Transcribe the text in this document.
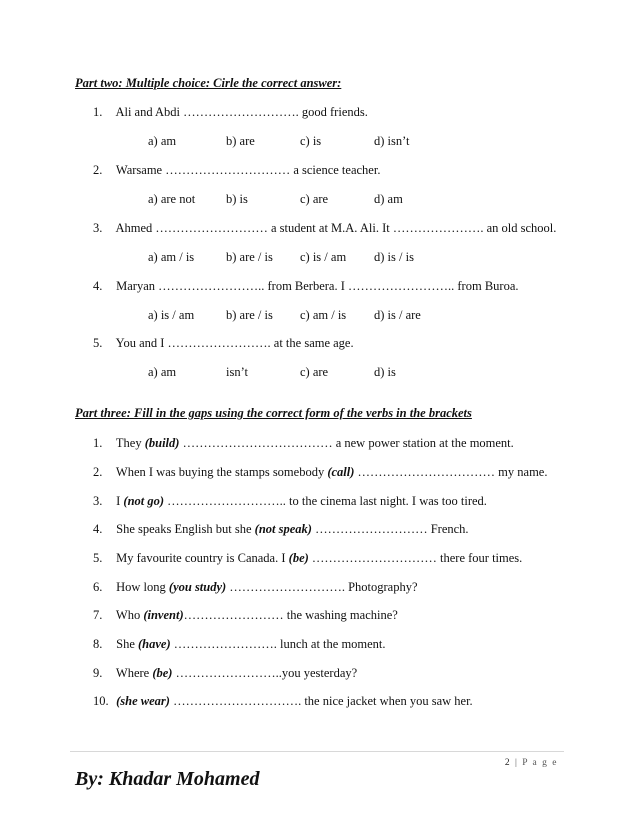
Part two: Multiple choice: Cirle the correct answer:
1. Ali and Abdi ………………………. good friends.
a) am	b) are	c) is	d) isn’t
2. Warsame ………………………… a science teacher.
a) are not b) is	c) are	d) am
3. Ahmed ……………………… a student at M.A. Ali. It …………………. an old school.
a) am / is	b) are / is c) is / am d) is / is
4. Maryan …………………….. from Berbera. I …………………….. from Buroa.
a) is / am	b) are / is c) am / is d) is / are
5. You and I ……………………. at the same age.
a) am	isn’t	c) are	d) is
Part three: Fill in the gaps using the correct form of the verbs in the brackets
1. They (build) ……………………………… a new power station at the moment.
2. When I was buying the stamps somebody (call) …………………………… my name.
3. I (not go) ……………………….. to the cinema last night. I was too tired.
4. She speaks English but she (not speak) ……………………… French.
5. My favourite country is Canada. I (be) ………………………… there four times.
6. How long (you study) ………………………. Photography?
7. Who (invent)…………………… the washing machine?
8. She (have) ……………………. lunch at the moment.
9. Where (be) ……………………..you yesterday?
10. (she wear) …………………………. the nice jacket when you saw her.
2 | P a g e
By: Khadar Mohamed
